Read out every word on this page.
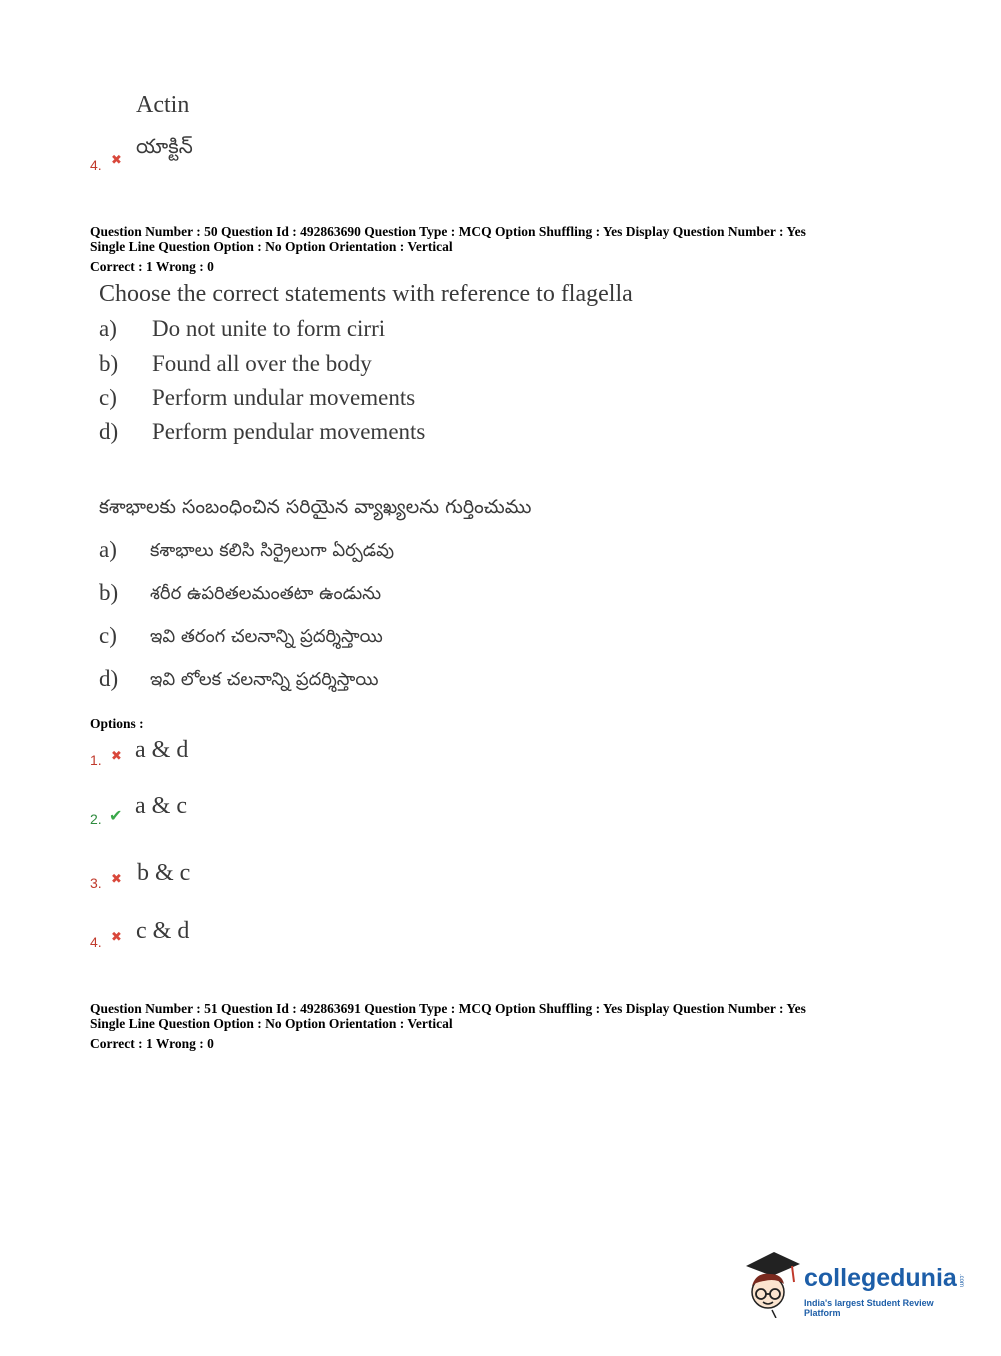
Actin
యాక్టిన్
4. ✖
Question Number : 50 Question Id : 492863690 Question Type : MCQ Option Shuffling : Yes Display Question Number : Yes
Single Line Question Option : No Option Orientation : Vertical
Correct : 1 Wrong : 0
Choose the correct statements with reference to flagella
a) Do not unite to form cirri
b) Found all over the body
c) Perform undular movements
d) Perform pendular movements
కశాభాలకు సంబంధించిన సరియైన వ్యాఖ్యలను గుర్తించుము
a) కశాభాలు కలిసి సిర్రైలుగా ఏర్పడవు
b) శరీర ఉపరితలమంతటా ఉండును
c) ఇవి తరంగ చలనాన్ని ప్రదర్శిస్తాయి
d) ఇవి లోలక చలనాన్ని ప్రదర్శిస్తాయి
Options :
1. ✖ a & d
2. ✔ a & c
3. ✖ b & c
4. ✖ c & d
Question Number : 51 Question Id : 492863691 Question Type : MCQ Option Shuffling : Yes Display Question Number : Yes
Single Line Question Option : No Option Orientation : Vertical
Correct : 1 Wrong : 0
collegedunia .com
India's largest Student Review Platform
